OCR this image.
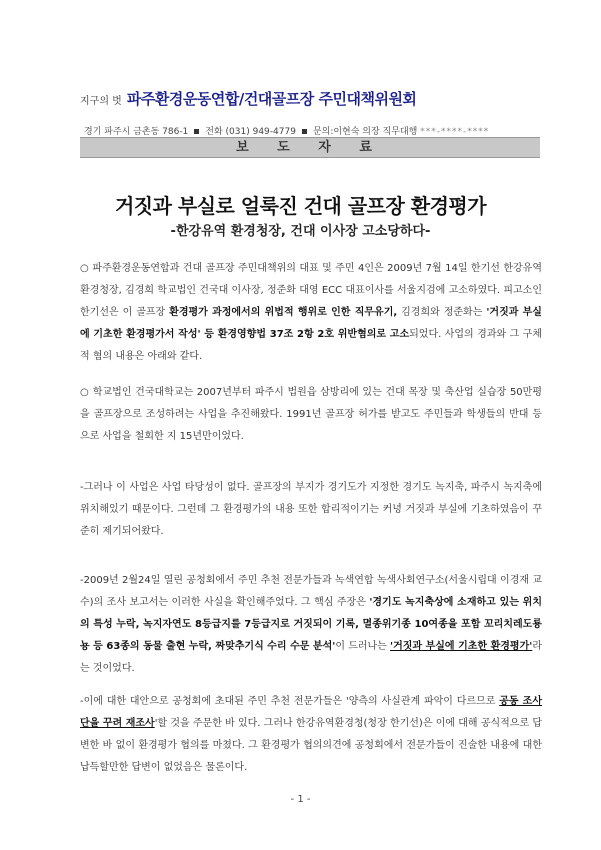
지구의 벗 파주환경운동연합/건대골프장 주민대책위원회
경기 파주시 금촌동 786-1 전화 (031) 949-4779 문의:이현숙 의장 직무대행 ***-****-****
보 도 자 료
거짓과 부실로 얼룩진 건대 골프장 환경평가
-한강유역 환경청장, 건대 이사장 고소당하다-
○ 파주환경운동연합과 건대 골프장 주민대책위의 대표 및 주민 4인은 2009년 7월 14일 한기선 한강유역환경청장, 김경희 학교법인 건국대 이사장, 정준화 대영 ECC 대표이사를 서울지검에 고소하였다. 피고소인 한기선은 이 골프장 환경평가 과정에서의 위법적 행위로 인한 직무유기, 김경희와 정준화는 '거짓과 부실에 기초한 환경평가서 작성' 등 환경영향법 37조 2항 2호 위반혐의로 고소되었다. 사업의 경과와 그 구체적 혐의 내용은 아래와 같다.
○ 학교법인 건국대학교는 2007년부터 파주시 법원읍 삼방리에 있는 건대 목장 및 축산업 실습장 50만평을 골프장으로 조성하려는 사업을 추진해왔다. 1991년 골프장 허가를 받고도 주민들과 학생들의 반대 등으로 사업을 철회한 지 15년만이었다.
-그러나 이 사업은 사업 타당성이 없다. 골프장의 부지가 경기도가 지정한 경기도 녹지축, 파주시 녹지축에 위치해있기 때문이다. 그런데 그 환경평가의 내용 또한 합리적이기는 커녕 거짓과 부실에 기초하였음이 꾸준히 제기되어왔다.
-2009년 2월24일 열린 공청회에서 주민 추천 전문가들과 녹색연합 녹색사회연구소(서울시립대 이경재 교수)의 조사 보고서는 이러한 사실을 확인해주었다. 그 핵심 주장은 '경기도 녹지축상에 소재하고 있는 위치의 특성 누락, 녹지자연도 8등급지를 7등급지로 거짓되이 기록, 멸종위기종 10여종을 포함 꼬리치레도룡뇽 등 63종의 동물 출현 누락, 짜맞추기식 수리 수문 분석'이 드러나는 '거짓과 부실에 기초한 환경평가'라는 것이었다.
-이에 대한 대안으로 공청회에 초대된 주민 추천 전문가들은 '양측의 사실관계 파악이 다르므로 공동 조사단을 꾸려 재조사'할 것을 주문한 바 있다. 그러나 한강유역환경청(청장 한기선)은 이에 대해 공식적으로 답변한 바 없이 환경평가 협의를 마쳤다. 그 환경평가 협의의견에 공청회에서 전문가들이 진술한 내용에 대한 납득할만한 답변이 없었음은 물론이다.
- 1 -
